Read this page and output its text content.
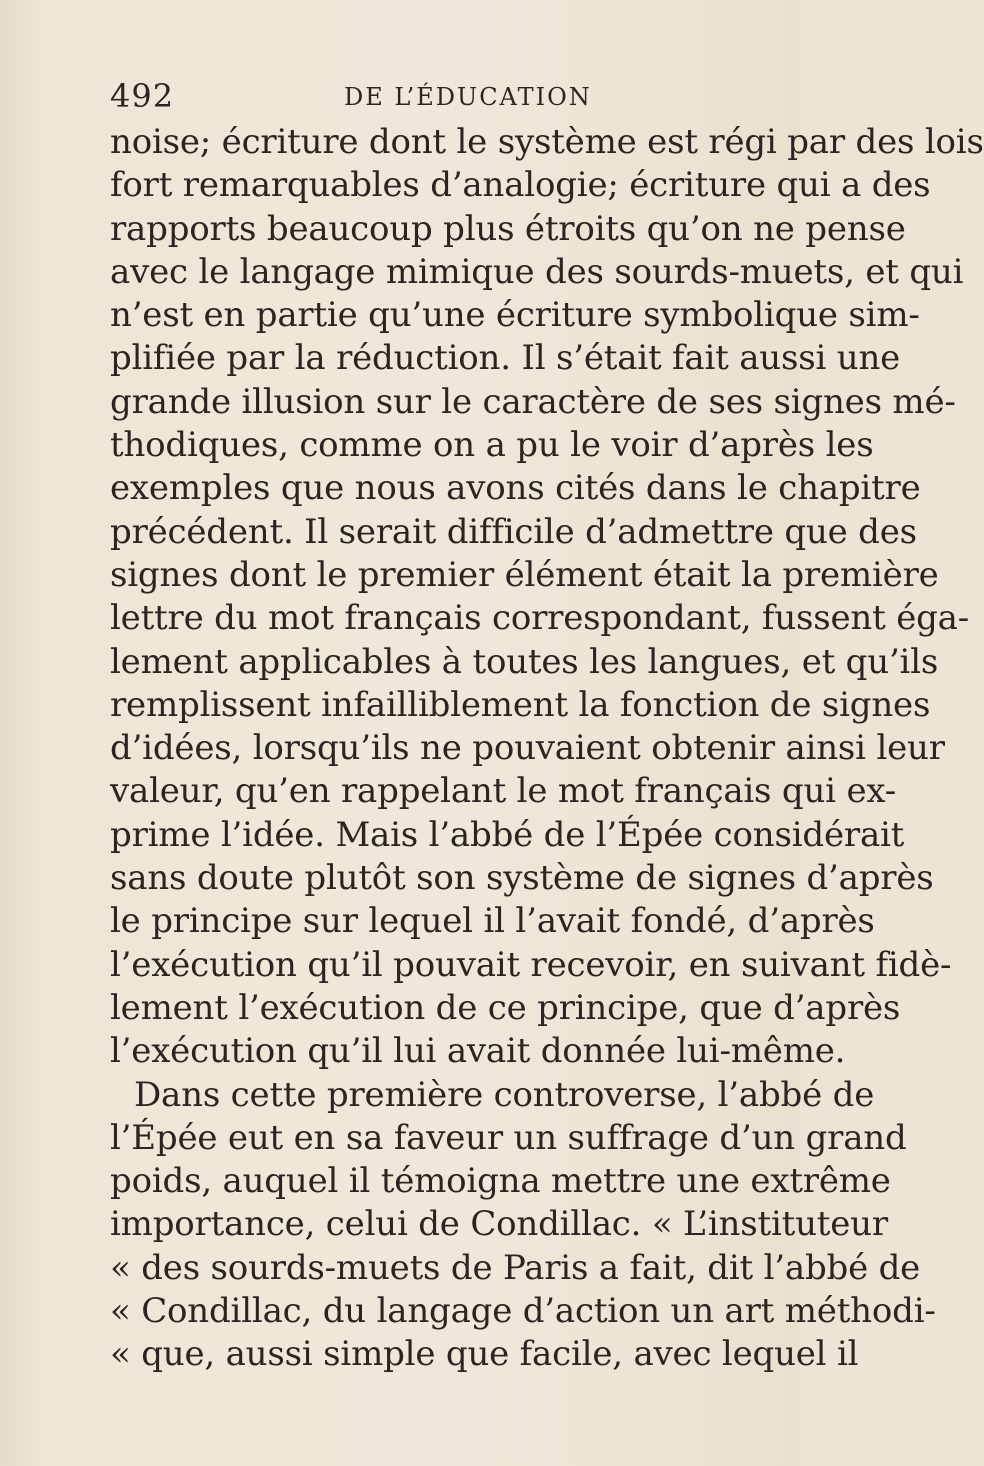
492	DE L’ÉDUCATION
noise; écriture dont le système est régi par des lois
fort remarquables d’analogie; écriture qui a des
rapports beaucoup plus étroits qu’on ne pense
avec le langage mimique des sourds-muets, et qui
n’est en partie qu’une écriture symbolique sim-
plifiée par la réduction. Il s’était fait aussi une
grande illusion sur le caractère de ses signes mé-
thodiques, comme on a pu le voir d’après les
exemples que nous avons cités dans le chapitre
précédent. Il serait difficile d’admettre que des
signes dont le premier élément était la première
lettre du mot français correspondant, fussent éga-
lement applicables à toutes les langues, et qu’ils
remplissent infailliblement la fonction de signes
d’idées, lorsqu’ils ne pouvaient obtenir ainsi leur
valeur, qu’en rappelant le mot français qui ex-
prime l’idée. Mais l’abbé de l’Épée considérait
sans doute plutôt son système de signes d’après
le principe sur lequel il l’avait fondé, d’après
l’exécution qu’il pouvait recevoir, en suivant fidè-
lement l’exécution de ce principe, que d’après
l’exécution qu’il lui avait donnée lui-même.
Dans cette première controverse, l’abbé de
l’Épée eut en sa faveur un suffrage d’un grand
poids, auquel il témoigna mettre une extrême
importance, celui de Condillac. « L’instituteur
« des sourds-muets de Paris a fait, dit l’abbé de
« Condillac, du langage d’action un art méthodi-
« que, aussi simple que facile, avec lequel il
